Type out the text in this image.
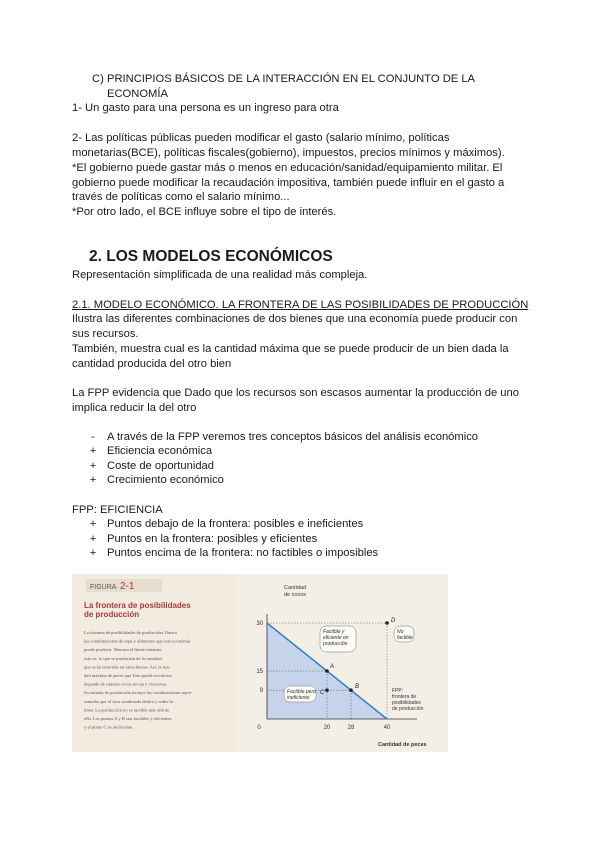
C) PRINCIPIOS BÁSICOS DE LA INTERACCIÓN EN EL CONJUNTO DE LA
ECONOMÍA
1- Un gasto para una persona es un ingreso para otra
2- Las políticas públicas pueden modificar el gasto (salario mínimo, políticas
monetarias(BCE), políticas fiscales(gobierno), impuestos, precios mínimos y máximos).
*El gobierno puede gastar más o menos en educación/sanidad/equipamiento militar. El
gobierno puede modificar la recaudación impositiva, también puede influir en el gasto a
través de políticas como el salario mínimo...
*Por otro lado, el BCE influye sobre el tipo de interés.
2. LOS MODELOS ECONÓMICOS
Representación simplificada de una realidad más compleja.
2.1. MODELO ECONÓMICO. LA FRONTERA DE LAS POSIBILIDADES DE PRODUCCIÓN
Ilustra las diferentes combinaciones de dos bienes que una economía puede producir con
sus recursos.
También, muestra cual es la cantidad máxima que se puede producir de un bien dada la
cantidad producida del otro bien
La FPP evidencia que Dado que los recursos son escasos aumentar la producción de uno
implica reducir la del otro
-	A través de la FPP veremos tres conceptos básicos del análisis económico
+ Eficiencia económica
+ Coste de oportunidad
+ Crecimiento económico
FPP: EFICIENCIA
+ Puntos debajo de la frontera: posibles e ineficientes
+ Puntos en la frontera: posibles y eficientes
+ Puntos encima de la frontera: no factibles o imposibles
FIGURA 2-1
La frontera de posibilidades
de producción
La frontera de posibilidades de producción. Ilustra
las combinaciones de ropa y alimentos que esta economía
puede producir. Muestra el límite máximo,
esto es, lo que se produciría de la cantidad
que se ha invertido en otros bienes. Así, la fun-
dad máxima de peces que Tom puede recolectar
depende de cuántos cocos recoja y viceversa.
Su entrada de producción incluye las combinaciones repre-
sentadas por el área sombreada dentro y sobre la
línea. La producción no es factible más allá de
ella. Los puntos A y B son factibles y eficientes,
y el punto C es ineficiente.
30
15
9
0	20	28	40
A
B
C
D
Cantidad de cocos
Cantidad de peces
Factible y
eficiente en
producción
Factible pero
ineficiente
No
factible
FPP:
frontera de
posibilidades
de producción
